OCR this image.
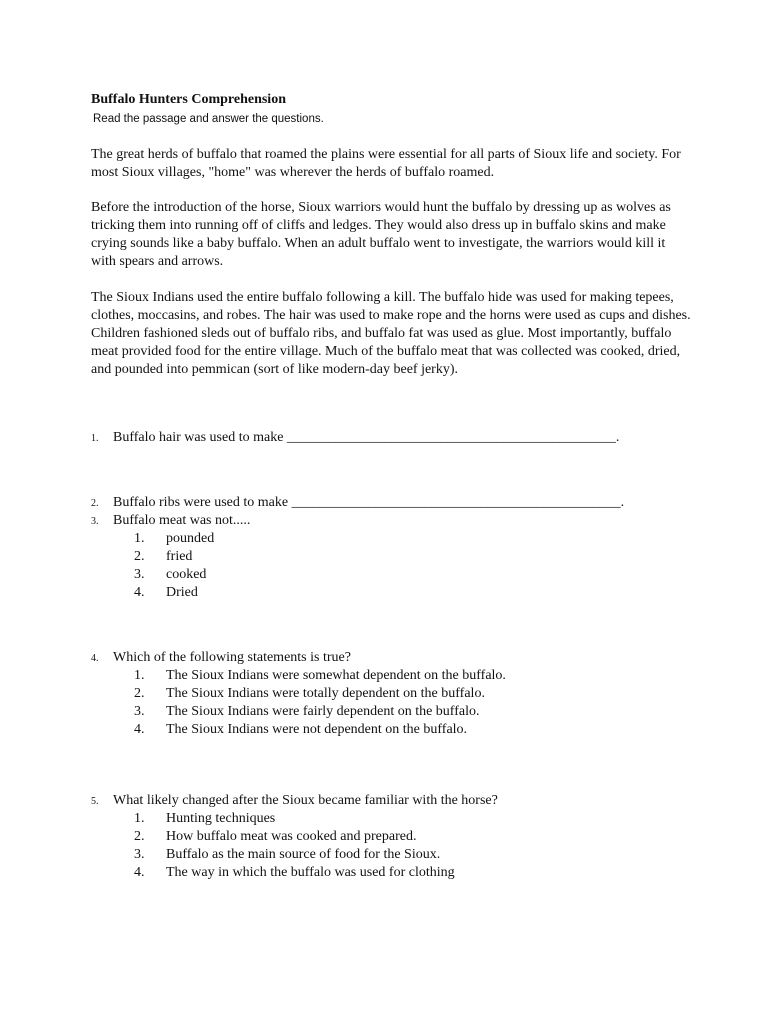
Buffalo Hunters Comprehension
Read the passage and answer the questions.

The great herds of buffalo that roamed the plains were essential for all parts of Sioux life and society. For most Sioux villages, "home" was wherever the herds of buffalo roamed.

Before the introduction of the horse, Sioux warriors would hunt the buffalo by dressing up as wolves as tricking them into running off of cliffs and ledges. They would also dress up in buffalo skins and make crying sounds like a baby buffalo. When an adult buffalo went to investigate, the warriors would kill it with spears and arrows.

The Sioux Indians used the entire buffalo following a kill. The buffalo hide was used for making tepees, clothes, moccasins, and robes. The hair was used to make rope and the horns were used as cups and dishes. Children fashioned sleds out of buffalo ribs, and buffalo fat was used as glue. Most importantly, buffalo meat provided food for the entire village. Much of the buffalo meat that was collected was cooked, dried, and pounded into pemmican (sort of like modern-day beef jerky).

1. Buffalo hair was used to make _______________________________________________.
2. Buffalo ribs were used to make _______________________________________________.
3. Buffalo meat was not.....
1. pounded
2. fried
3. cooked
4. Dried
4. Which of the following statements is true?
1. The Sioux Indians were somewhat dependent on the buffalo.
2. The Sioux Indians were totally dependent on the buffalo.
3. The Sioux Indians were fairly dependent on the buffalo.
4. The Sioux Indians were not dependent on the buffalo.
5. What likely changed after the Sioux became familiar with the horse?
1. Hunting techniques
2. How buffalo meat was cooked and prepared.
3. Buffalo as the main source of food for the Sioux.
4. The way in which the buffalo was used for clothing
